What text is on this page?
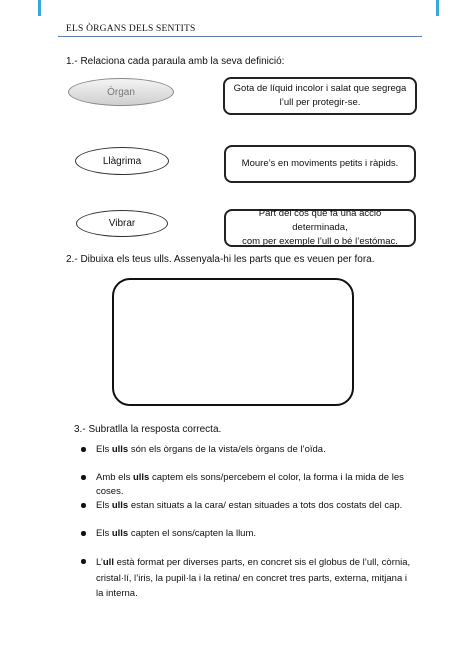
ELS ÒRGANS DELS SENTITS
1.- Relaciona cada paraula amb la seva definició:
Òrgan
Llàgrima
Vibrar
Gota de líquid incolor i salat que segrega
l’ull per protegir-se.
Moure’s en moviments petits i ràpids.
Part del cos que fa una acció determinada,
com per exemple l’ull o bé l’estómac.
2.- Dibuixa els teus ulls. Assenyala-hi les parts que es veuen per fora.
3.- Subratlla la resposta correcta.
Els ulls són els òrgans de la vista/els òrgans de l’oïda.
Amb els ulls captem els sons/percebem el color, la forma i la mida de les coses.
Els ulls estan situats a la cara/ estan situades a tots dos costats del cap.
Els ulls capten el sons/capten la llum.
L’ull està format per diverses parts, en concret sis el globus de l’ull, còrnia, cristal·lí, l’iris, la pupil·la i la retina/ en concret tres parts, externa, mitjana i la interna.
